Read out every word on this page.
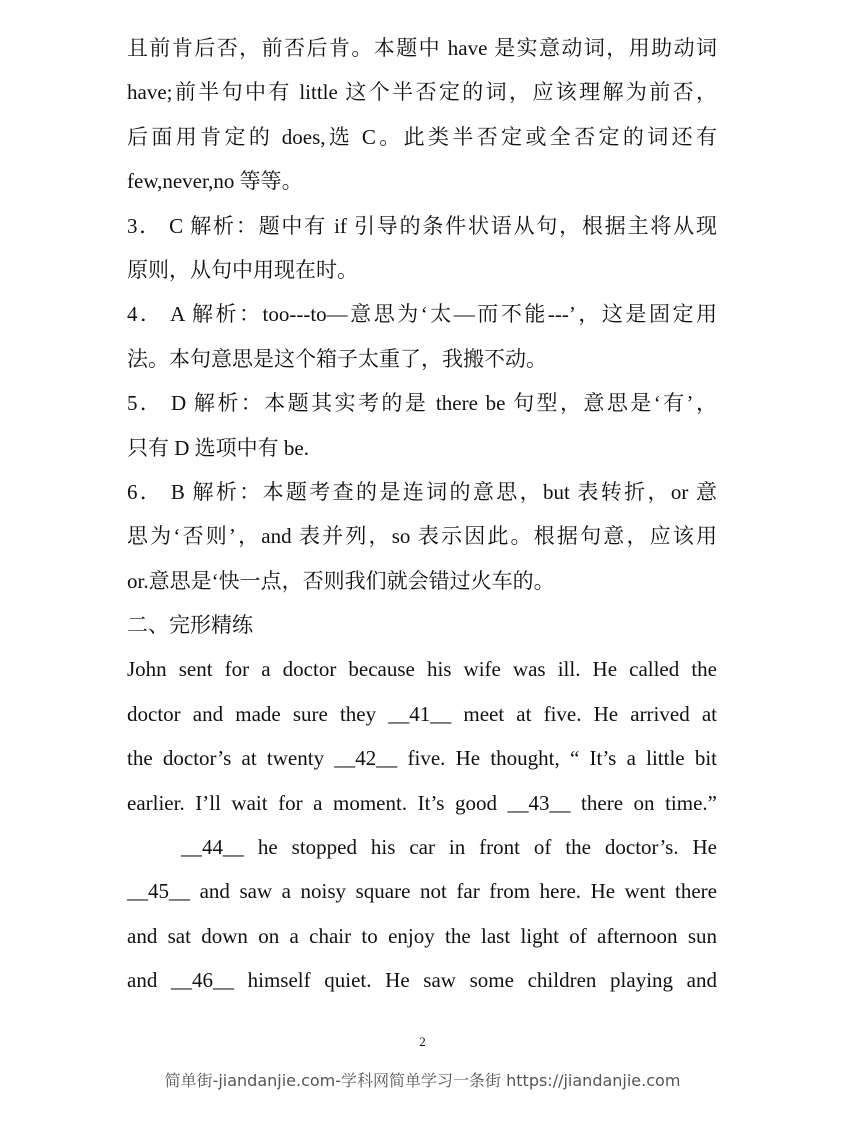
且前肯后否，前否后肯。本题中 have 是实意动词，用助动词
have;前半句中有 little 这个半否定的词，应该理解为前否，
后面用肯定的 does,选 C。此类半否定或全否定的词还有
few,never,no 等等。
3． C 解析：题中有 if 引导的条件状语从句，根据主将从现
原则，从句中用现在时。
4． A 解析：too---to—意思为‘太—而不能---’，这是固定用
法。本句意思是这个箱子太重了，我搬不动。
5． D 解析：本题其实考的是 there be 句型，意思是‘有’，
只有 D 选项中有 be.
6． B 解析：本题考查的是连词的意思，but 表转折，or 意
思为‘否则’，and 表并列，so 表示因此。根据句意，应该用
or.意思是‘快一点，否则我们就会错过火车的。
二、完形精练
John sent for a doctor because his wife was ill. He called the
doctor and made sure they __41__ meet at five. He arrived at
the doctor’s at twenty __42__ five. He thought, “ It’s a little bit
earlier. I’ll wait for a moment. It’s good __43__ there on time.”
__44__ he stopped his car in front of the doctor’s. He
__45__ and saw a noisy square not far from here. He went there
and sat down on a chair to enjoy the last light of afternoon sun
and __46__ himself quiet. He saw some children playing and
2
简单街-jiandanjie.com-学科网简单学习一条街 https://jiandanjie.com
